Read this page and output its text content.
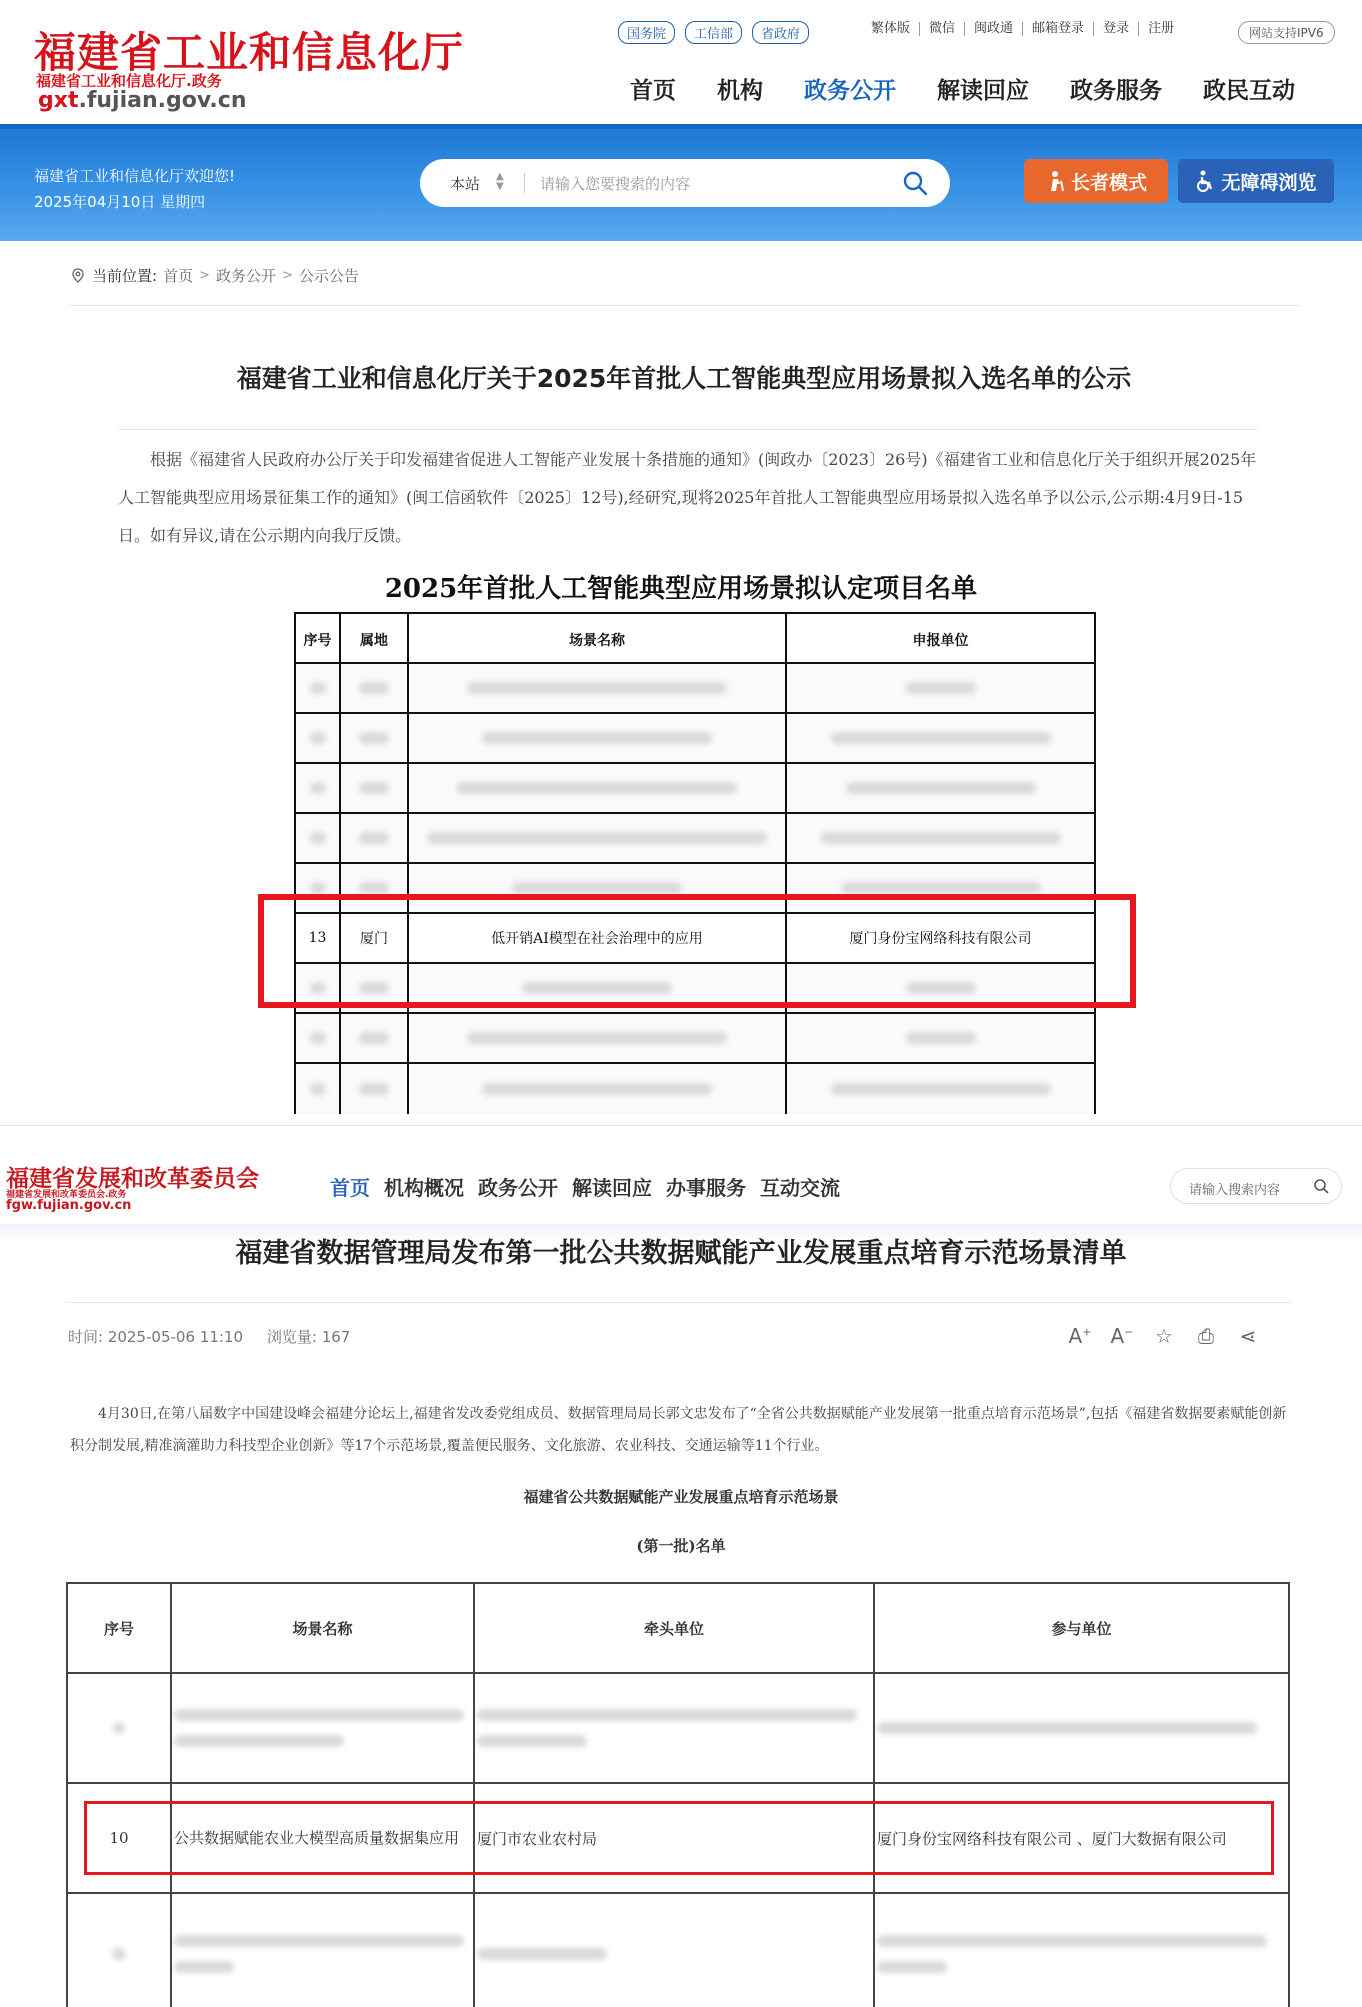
福建省工业和信息化厅
福建省工业和信息化厅.政务
gxt.fujian.gov.cn
国务院	工信部	省政府	繁体版	微信	闽政通	邮箱登录	登录	注册	网站支持IPV6
首页 机构 政务公开 解读回应 政务服务 政民互动
福建省工业和信息化厅欢迎您!
2025年04月10日 星期四
本站 ▲
▼ 请输入您要搜索的内容	长者模式	无障碍浏览
当前位置: 首页 > 政务公开 > 公示公告
福建省工业和信息化厅关于2025年首批人工智能典型应用场景拟入选名单的公示
根据《福建省人民政府办公厅关于印发福建省促进人工智能产业发展十条措施的通知》(闽政办〔2023〕26号)《福建省工业和信息化厅关于组织开展2025年人工智能典型应用场景征集工作的通知》(闽工信函软件〔2025〕12号),经研究,现将2025年首批人工智能典型应用场景拟入选名单予以公示,公示期:4月9日-15日。如有异议,请在公示期内向我厅反馈。
2025年首批人工智能典型应用场景拟认定项目名单
序号	属地	场景名称	申报单位
13	厦门	低开销AI模型在社会治理中的应用	厦门身份宝网络科技有限公司
福建省发展和改革委员会
福建省发展和改革委员会.政务
fgw.fujian.gov.cn
首页 机构概况 政务公开 解读回应 办事服务 互动交流	请输入搜索内容
福建省数据管理局发布第一批公共数据赋能产业发展重点培育示范场景清单
时间: 2025-05-06 11:10 浏览量: 167	A+ A− ☆ ⎙ ⋖
4月30日,在第八届数字中国建设峰会福建分论坛上,福建省发改委党组成员、数据管理局局长郭文忠发布了“全省公共数据赋能产业发展第一批重点培育示范场景”,包括《福建省数据要素赋能创新积分制发展,精准滴灌助力科技型企业创新》等17个示范场景,覆盖便民服务、文化旅游、农业科技、交通运输等11个行业。
福建省公共数据赋能产业发展重点培育示范场景
(第一批)名单
序号	场景名称	牵头单位	参与单位
10	公共数据赋能农业大模型高质量数据集应用	厦门市农业农村局	厦门身份宝网络科技有限公司 、厦门大数据有限公司
